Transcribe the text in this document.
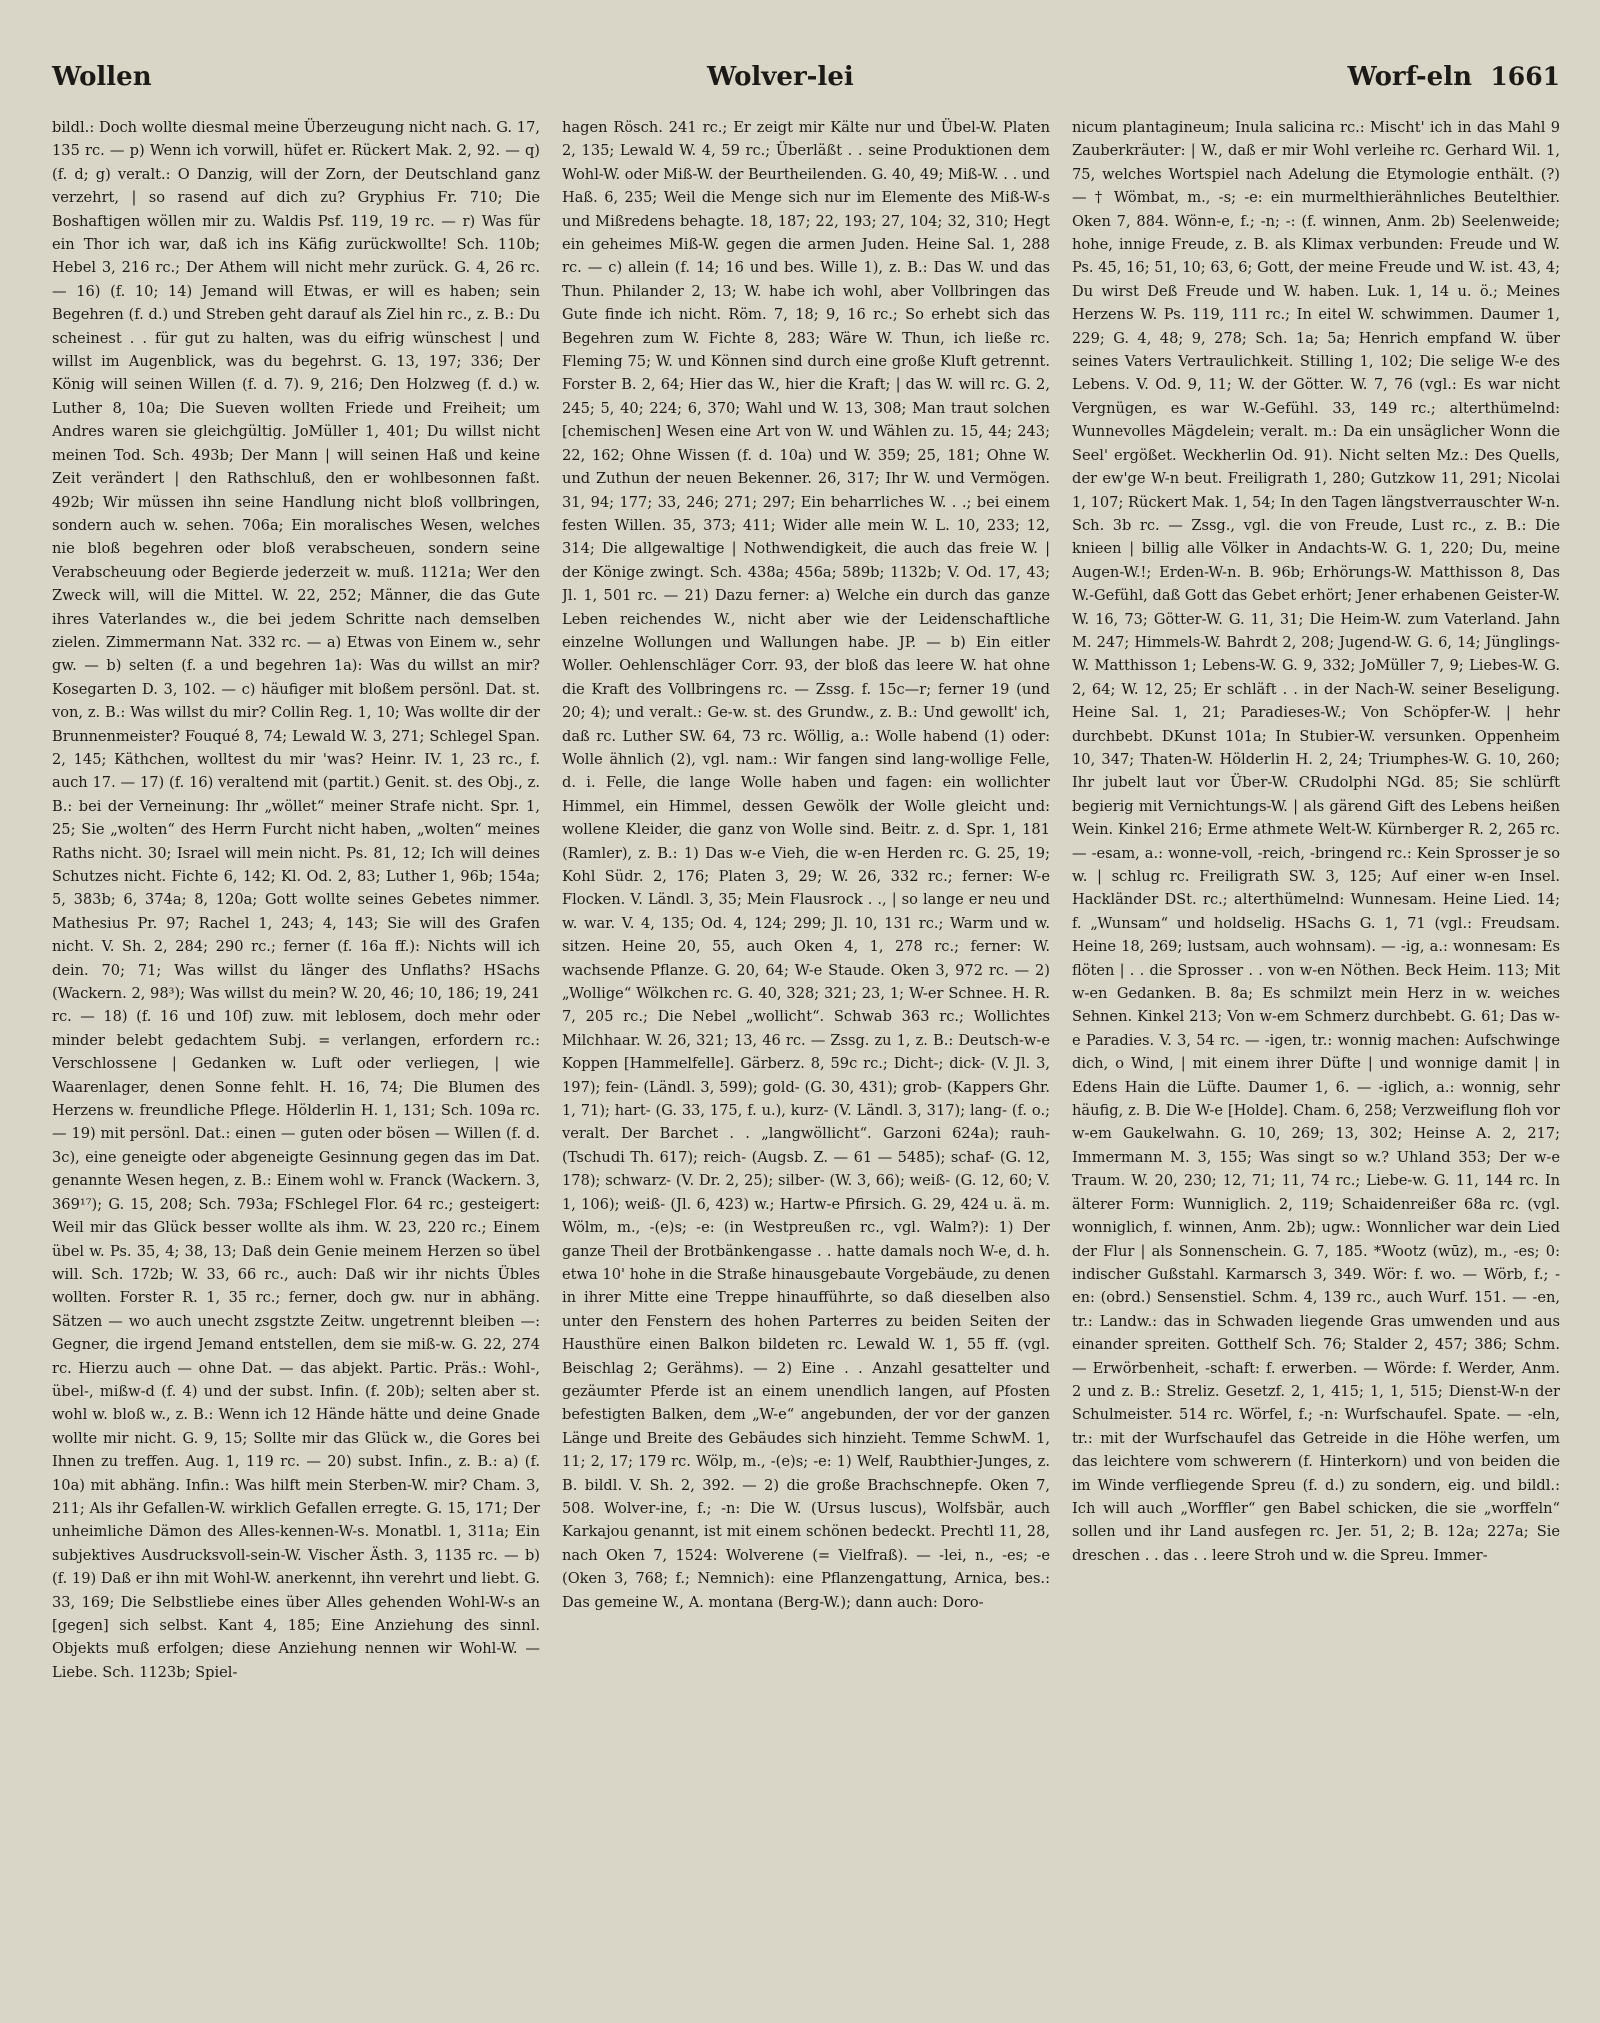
Wollen	Wolver-lei	Worf-eln 1661

bildl.: Doch wollte diesmal meine Überzeugung nicht nach. G. 17, 135 rc. — p) Wenn ich vorwill, hüfet er. Rückert Mak. 2, 92. — q) (f. d; g) veralt.: O Danzig, will der Zorn, der Deutschland ganz verzehrt, | so rasend auf dich zu? Gryphius Fr. 710; Die Boshaftigen wöllen mir zu. Waldis Psf. 119, 19 rc. — r) Was für ein Thor ich war, daß ich ins Käfig zurückwollte! Sch. 110b; Hebel 3, 216 rc.; Der Athem will nicht mehr zurück. G. 4, 26 rc. — 16) (f. 10; 14) Jemand will Etwas, er will es haben; sein Begehren (f. d.) und Streben geht darauf als Ziel hin rc., z. B.: Du scheinest . . für gut zu halten, was du eifrig wünschest | und willst im Augenblick, was du begehrst. G. 13, 197; 336; Der König will seinen Willen (f. d. 7). 9, 216; Den Holzweg (f. d.) w. Luther 8, 10a; Die Sueven wollten Friede und Freiheit; um Andres waren sie gleichgültig. JoMüller 1, 401; Du willst nicht meinen Tod. Sch. 493b; Der Mann | will seinen Haß und keine Zeit verändert | den Rathschluß, den er wohlbesonnen faßt. 492b; Wir müssen ihn seine Handlung nicht bloß vollbringen, sondern auch w. sehen. 706a; Ein moralisches Wesen, welches nie bloß begehren oder bloß verabscheuen, sondern seine Verabscheuung oder Begierde jederzeit w. muß. 1121a; Wer den Zweck will, will die Mittel. W. 22, 252; Männer, die das Gute ihres Vaterlandes w., die bei jedem Schritte nach demselben zielen. Zimmermann Nat. 332 rc. — a) Etwas von Einem w., sehr gw. — b) selten (f. a und begehren 1a): Was du willst an mir? Kosegarten D. 3, 102. — c) häufiger mit bloßem persönl. Dat. st. von, z. B.: Was willst du mir? Collin Reg. 1, 10; Was wollte dir der Brunnenmeister? Fouqué 8, 74; Lewald W. 3, 271; Schlegel Span. 2, 145; Käthchen, wolltest du mir 'was? Heinr. IV. 1, 23 rc., f. auch 17. — 17) (f. 16) veraltend mit (partit.) Genit. st. des Obj., z. B.: bei der Verneinung: Ihr „wöllet“ meiner Strafe nicht. Spr. 1, 25; Sie „wolten“ des Herrn Furcht nicht haben, „wolten“ meines Raths nicht. 30; Israel will mein nicht. Ps. 81, 12; Ich will deines Schutzes nicht. Fichte 6, 142; Kl. Od. 2, 83; Luther 1, 96b; 154a; 5, 383b; 6, 374a; 8, 120a; Gott wollte seines Gebetes nimmer. Mathesius Pr. 97; Rachel 1, 243; 4, 143; Sie will des Grafen nicht. V. Sh. 2, 284; 290 rc.; ferner (f. 16a ff.): Nichts will ich dein. 70; 71; Was willst du länger des Unflaths? HSachs (Wackern. 2, 98³); Was willst du mein? W. 20, 46; 10, 186; 19, 241 rc. — 18) (f. 16 und 10f) zuw. mit leblosem, doch mehr oder minder belebt gedachtem Subj. = verlangen, erfordern rc.: Verschlossene | Gedanken w. Luft oder verliegen, | wie Waarenlager, denen Sonne fehlt. H. 16, 74; Die Blumen des Herzens w. freundliche Pflege. Hölderlin H. 1, 131; Sch. 109a rc. — 19) mit persönl. Dat.: einen — guten oder bösen — Willen (f. d. 3c), eine geneigte oder abgeneigte Gesinnung gegen das im Dat. genannte Wesen hegen, z. B.: Einem wohl w. Franck (Wackern. 3, 369¹⁷); G. 15, 208; Sch. 793a; FSchlegel Flor. 64 rc.; gesteigert: Weil mir das Glück besser wollte als ihm. W. 23, 220 rc.; Einem übel w. Ps. 35, 4; 38, 13; Daß dein Genie meinem Herzen so übel will. Sch. 172b; W. 33, 66 rc., auch: Daß wir ihr nichts Übles wollten. Forster R. 1, 35 rc.; ferner, doch gw. nur in abhäng. Sätzen — wo auch unecht zsgstzte Zeitw. ungetrennt bleiben —: Gegner, die irgend Jemand entstellen, dem sie miß-w. G. 22, 274 rc. Hierzu auch — ohne Dat. — das abjekt. Partic. Präs.: Wohl-, übel-, mißw-d (f. 4) und der subst. Infin. (f. 20b); selten aber st. wohl w. bloß w., z. B.: Wenn ich 12 Hände hätte und deine Gnade wollte mir nicht. G. 9, 15; Sollte mir das Glück w., die Gores bei Ihnen zu treffen. Aug. 1, 119 rc. — 20) subst. Infin., z. B.: a) (f. 10a) mit abhäng. Infin.: Was hilft mein Sterben-W. mir? Cham. 3, 211; Als ihr Gefallen-W. wirklich Gefallen erregte. G. 15, 171; Der unheimliche Dämon des Alles-kennen-W-s. Monatbl. 1, 311a; Ein subjektives Ausdrucksvoll-sein-W. Vischer Ästh. 3, 1135 rc. — b) (f. 19) Daß er ihn mit Wohl-W. anerkennt, ihn verehrt und liebt. G. 33, 169; Die Selbstliebe eines über Alles gehenden Wohl-W-s an [gegen] sich selbst. Kant 4, 185; Eine Anziehung des sinnl. Objekts muß erfolgen; diese Anziehung nennen wir Wohl-W. — Liebe. Sch. 1123b; Spiel-

hagen Rösch. 241 rc.; Er zeigt mir Kälte nur und Übel-W. Platen 2, 135; Lewald W. 4, 59 rc.; Überläßt . . seine Produktionen dem Wohl-W. oder Miß-W. der Beurtheilenden. G. 40, 49; Miß-W. . . und Haß. 6, 235; Weil die Menge sich nur im Elemente des Miß-W-s und Mißredens behagte. 18, 187; 22, 193; 27, 104; 32, 310; Hegt ein geheimes Miß-W. gegen die armen Juden. Heine Sal. 1, 288 rc. — c) allein (f. 14; 16 und bes. Wille 1), z. B.: Das W. und das Thun. Philander 2, 13; W. habe ich wohl, aber Vollbringen das Gute finde ich nicht. Röm. 7, 18; 9, 16 rc.; So erhebt sich das Begehren zum W. Fichte 8, 283; Wäre W. Thun, ich ließe rc. Fleming 75; W. und Können sind durch eine große Kluft getrennt. Forster B. 2, 64; Hier das W., hier die Kraft; | das W. will rc. G. 2, 245; 5, 40; 224; 6, 370; Wahl und W. 13, 308; Man traut solchen [chemischen] Wesen eine Art von W. und Wählen zu. 15, 44; 243; 22, 162; Ohne Wissen (f. d. 10a) und W. 359; 25, 181; Ohne W. und Zuthun der neuen Bekenner. 26, 317; Ihr W. und Vermögen. 31, 94; 177; 33, 246; 271; 297; Ein beharrliches W. . .; bei einem festen Willen. 35, 373; 411; Wider alle mein W. L. 10, 233; 12, 314; Die allgewaltige | Nothwendigkeit, die auch das freie W. | der Könige zwingt. Sch. 438a; 456a; 589b; 1132b; V. Od. 17, 43; Jl. 1, 501 rc. — 21) Dazu ferner: a) Welche ein durch das ganze Leben reichendes W., nicht aber wie der Leidenschaftliche einzelne Wollungen und Wallungen habe. JP. — b) Ein eitler Woller. Oehlenschläger Corr. 93, der bloß das leere W. hat ohne die Kraft des Vollbringens rc. — Zssg. f. 15c—r; ferner 19 (und 20; 4); und veralt.: Ge-w. st. des Grundw., z. B.: Und gewollt' ich, daß rc. Luther SW. 64, 73 rc. Wöllig, a.: Wolle habend (1) oder: Wolle ähnlich (2), vgl. nam.: Wir fangen sind lang-wollige Felle, d. i. Felle, die lange Wolle haben und fagen: ein wollichter Himmel, ein Himmel, dessen Gewölk der Wolle gleicht und: wollene Kleider, die ganz von Wolle sind. Beitr. z. d. Spr. 1, 181 (Ramler), z. B.: 1) Das w-e Vieh, die w-en Herden rc. G. 25, 19; Kohl Südr. 2, 176; Platen 3, 29; W. 26, 332 rc.; ferner: W-e Flocken. V. Ländl. 3, 35; Mein Flausrock . ., | so lange er neu und w. war. V. 4, 135; Od. 4, 124; 299; Jl. 10, 131 rc.; Warm und w. sitzen. Heine 20, 55, auch Oken 4, 1, 278 rc.; ferner: W. wachsende Pflanze. G. 20, 64; W-e Staude. Oken 3, 972 rc. — 2) „Wollige“ Wölkchen rc. G. 40, 328; 321; 23, 1; W-er Schnee. H. R. 7, 205 rc.; Die Nebel „wollicht“. Schwab 363 rc.; Wollichtes Milchhaar. W. 26, 321; 13, 46 rc. — Zssg. zu 1, z. B.: Deutsch-w-e Koppen [Hammelfelle]. Gärberz. 8, 59c rc.; Dicht-; dick- (V. Jl. 3, 197); fein- (Ländl. 3, 599); gold- (G. 30, 431); grob- (Kappers Ghr. 1, 71); hart- (G. 33, 175, f. u.), kurz- (V. Ländl. 3, 317); lang- (f. o.; veralt. Der Barchet . . „langwöllicht“. Garzoni 624a); rauh- (Tschudi Th. 617); reich- (Augsb. Z. — 61 — 5485); schaf- (G. 12, 178); schwarz- (V. Dr. 2, 25); silber- (W. 3, 66); weiß- (G. 12, 60; V. 1, 106); weiß- (Jl. 6, 423) w.; Hartw-e Pfirsich. G. 29, 424 u. ä. m. Wölm, m., -(e)s; -e: (in Westpreußen rc., vgl. Walm?): 1) Der ganze Theil der Brotbänkengasse . . hatte damals noch W-e, d. h. etwa 10' hohe in die Straße hinausgebaute Vorgebäude, zu denen in ihrer Mitte eine Treppe hinaufführte, so daß dieselben also unter den Fenstern des hohen Parterres zu beiden Seiten der Hausthüre einen Balkon bildeten rc. Lewald W. 1, 55 ff. (vgl. Beischlag 2; Gerähms). — 2) Eine . . Anzahl gesattelter und gezäumter Pferde ist an einem unendlich langen, auf Pfosten befestigten Balken, dem „W-e“ angebunden, der vor der ganzen Länge und Breite des Gebäudes sich hinzieht. Temme SchwM. 1, 11; 2, 17; 179 rc. Wölp, m., -(e)s; -e: 1) Welf, Raubthier-Junges, z. B. bildl. V. Sh. 2, 392. — 2) die große Brachschnepfe. Oken 7, 508. Wolver-ine, f.; -n: Die W. (Ursus luscus), Wolfsbär, auch Karkajou genannt, ist mit einem schönen bedeckt. Prechtl 11, 28, nach Oken 7, 1524: Wolverene (= Vielfraß). — -lei, n., -es; -e (Oken 3, 768; f.; Nemnich): eine Pflanzengattung, Arnica, bes.: Das gemeine W., A. montana (Berg-W.); dann auch: Doro-

nicum plantagineum; Inula salicina rc.: Mischt' ich in das Mahl 9 Zauberkräuter: | W., daß er mir Wohl verleihe rc. Gerhard Wil. 1, 75, welches Wortspiel nach Adelung die Etymologie enthält. (?) — † Wömbat, m., -s; -e: ein murmelthierähnliches Beutelthier. Oken 7, 884. Wönn-e, f.; -n; -: (f. winnen, Anm. 2b) Seelenweide; hohe, innige Freude, z. B. als Klimax verbunden: Freude und W. Ps. 45, 16; 51, 10; 63, 6; Gott, der meine Freude und W. ist. 43, 4; Du wirst Deß Freude und W. haben. Luk. 1, 14 u. ö.; Meines Herzens W. Ps. 119, 111 rc.; In eitel W. schwimmen. Daumer 1, 229; G. 4, 48; 9, 278; Sch. 1a; 5a; Henrich empfand W. über seines Vaters Vertraulichkeit. Stilling 1, 102; Die selige W-e des Lebens. V. Od. 9, 11; W. der Götter. W. 7, 76 (vgl.: Es war nicht Vergnügen, es war W.-Gefühl. 33, 149 rc.; alterthümelnd: Wunnevolles Mägdelein; veralt. m.: Da ein unsäglicher Wonn die Seel' ergößet. Weckherlin Od. 91). Nicht selten Mz.: Des Quells, der ew'ge W-n beut. Freiligrath 1, 280; Gutzkow 11, 291; Nicolai 1, 107; Rückert Mak. 1, 54; In den Tagen längstverrauschter W-n. Sch. 3b rc. — Zssg., vgl. die von Freude, Lust rc., z. B.: Die knieen | billig alle Völker in Andachts-W. G. 1, 220; Du, meine Augen-W.!; Erden-W-n. B. 96b; Erhörungs-W. Matthisson 8, Das W.-Gefühl, daß Gott das Gebet erhört; Jener erhabenen Geister-W. W. 16, 73; Götter-W. G. 11, 31; Die Heim-W. zum Vaterland. Jahn M. 247; Himmels-W. Bahrdt 2, 208; Jugend-W. G. 6, 14; Jünglings-W. Matthisson 1; Lebens-W. G. 9, 332; JoMüller 7, 9; Liebes-W. G. 2, 64; W. 12, 25; Er schläft . . in der Nach-W. seiner Beseligung. Heine Sal. 1, 21; Paradieses-W.; Von Schöpfer-W. | hehr durchbebt. DKunst 101a; In Stubier-W. versunken. Oppenheim 10, 347; Thaten-W. Hölderlin H. 2, 24; Triumphes-W. G. 10, 260; Ihr jubelt laut vor Über-W. CRudolphi NGd. 85; Sie schlürft begierig mit Vernichtungs-W. | als gärend Gift des Lebens heißen Wein. Kinkel 216; Erme athmete Welt-W. Kürnberger R. 2, 265 rc. — -esam, a.: wonne-voll, -reich, -bringend rc.: Kein Sprosser je so w. | schlug rc. Freiligrath SW. 3, 125; Auf einer w-en Insel. Hackländer DSt. rc.; alterthümelnd: Wunnesam. Heine Lied. 14; f. „Wunsam“ und holdselig. HSachs G. 1, 71 (vgl.: Freudsam. Heine 18, 269; lustsam, auch wohnsam). — -ig, a.: wonnesam: Es flöten | . . die Sprosser . . von w-en Nöthen. Beck Heim. 113; Mit w-en Gedanken. B. 8a; Es schmilzt mein Herz in w. weiches Sehnen. Kinkel 213; Von w-em Schmerz durchbebt. G. 61; Das w-e Paradies. V. 3, 54 rc. — -igen, tr.: wonnig machen: Aufschwinge dich, o Wind, | mit einem ihrer Düfte | und wonnige damit | in Edens Hain die Lüfte. Daumer 1, 6. — -iglich, a.: wonnig, sehr häufig, z. B. Die W-e [Holde]. Cham. 6, 258; Verzweiflung floh vor w-em Gaukelwahn. G. 10, 269; 13, 302; Heinse A. 2, 217; Immermann M. 3, 155; Was singt so w.? Uhland 353; Der w-e Traum. W. 20, 230; 12, 71; 11, 74 rc.; Liebe-w. G. 11, 144 rc. In älterer Form: Wunniglich. 2, 119; Schaidenreißer 68a rc. (vgl. wonniglich, f. winnen, Anm. 2b); ugw.: Wonnlicher war dein Lied der Flur | als Sonnenschein. G. 7, 185. *Wootz (wūz), m., -es; 0: indischer Gußstahl. Karmarsch 3, 349. Wör: f. wo. — Wörb, f.; -en: (obrd.) Sensenstiel. Schm. 4, 139 rc., auch Wurf. 151. — -en, tr.: Landw.: das in Schwaden liegende Gras umwenden und aus einander spreiten. Gotthelf Sch. 76; Stalder 2, 457; 386; Schm. — Erwörbenheit, -schaft: f. erwerben. — Wörde: f. Werder, Anm. 2 und z. B.: Streliz. Gesetzf. 2, 1, 415; 1, 1, 515; Dienst-W-n der Schulmeister. 514 rc. Wörfel, f.; -n: Wurfschaufel. Spate. — -eln, tr.: mit der Wurfschaufel das Getreide in die Höhe werfen, um das leichtere vom schwerern (f. Hinterkorn) und von beiden die im Winde verfliegende Spreu (f. d.) zu sondern, eig. und bildl.: Ich will auch „Worffler“ gen Babel schicken, die sie „worffeln“ sollen und ihr Land ausfegen rc. Jer. 51, 2; B. 12a; 227a; Sie dreschen . . das . . leere Stroh und w. die Spreu. Immer-
